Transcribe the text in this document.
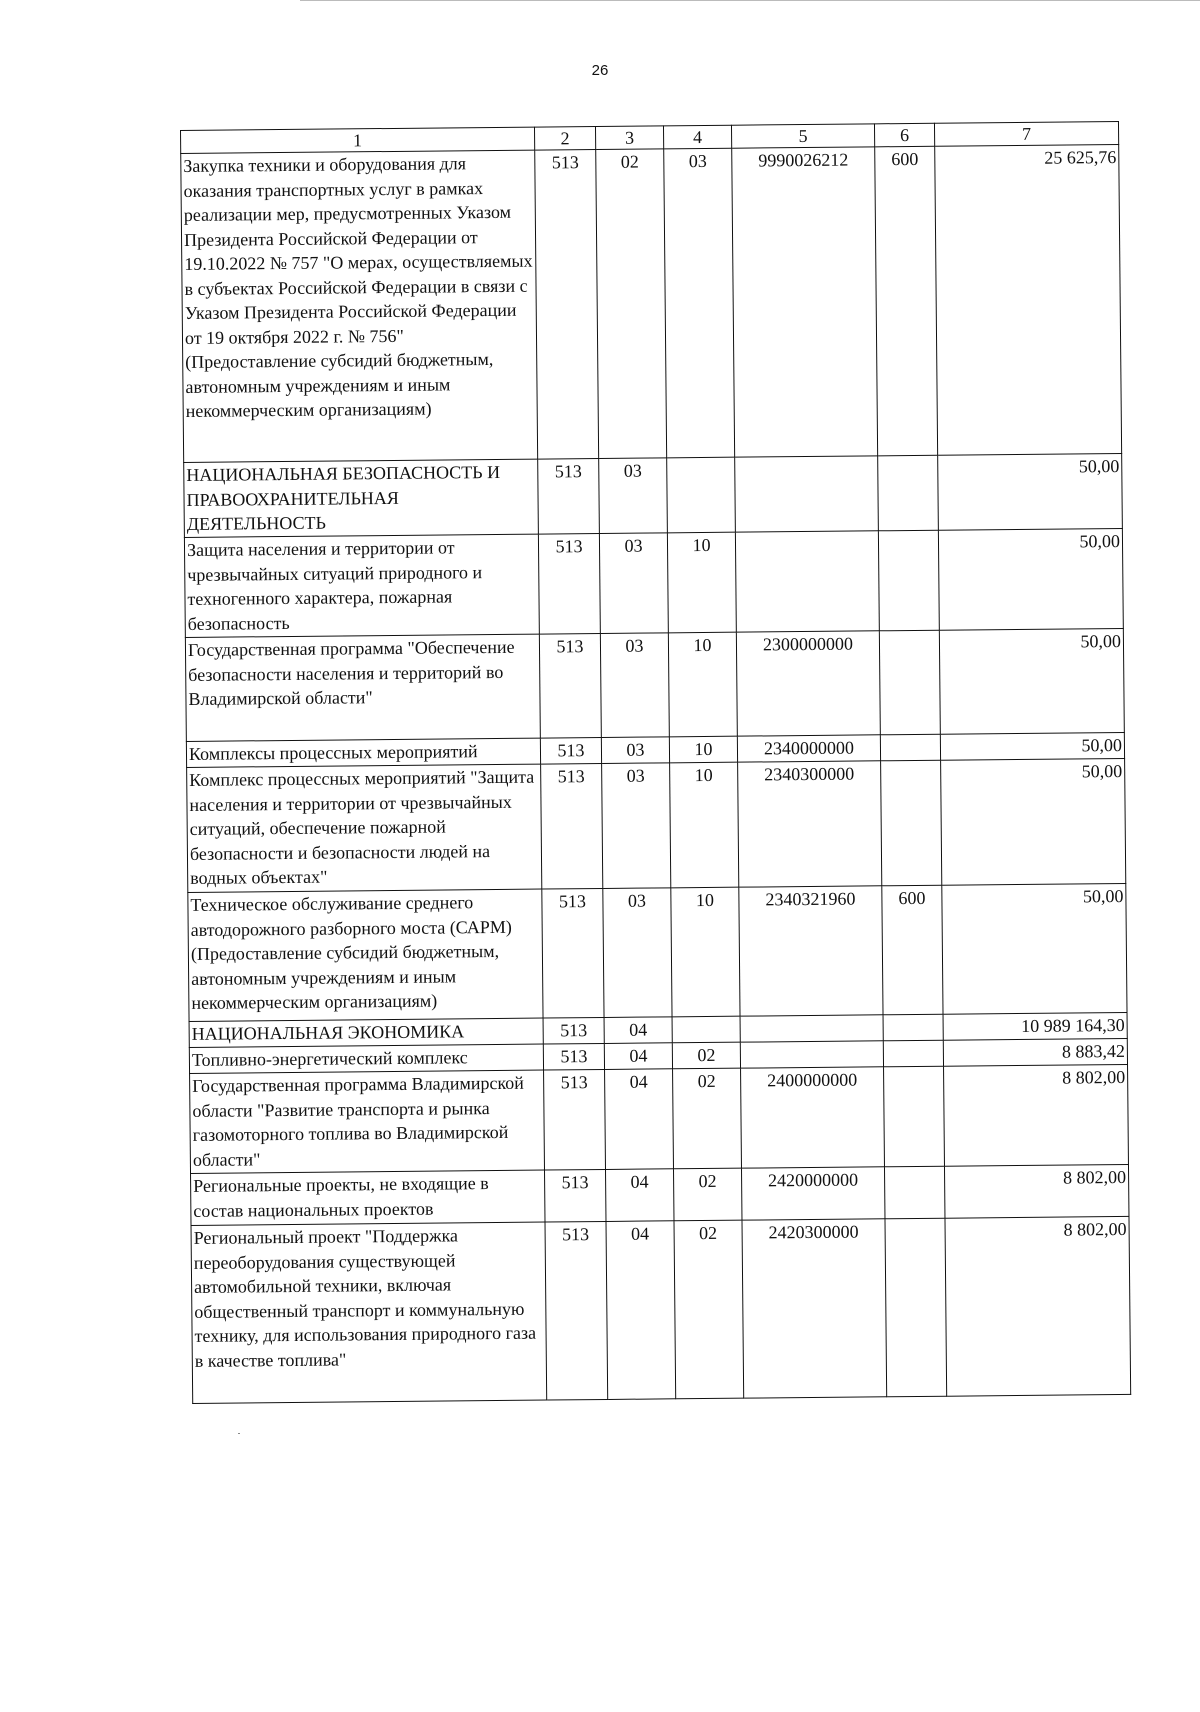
26
1	2	3	4	5	6	7
Закупка техники и оборудования для оказания транспортных услуг в рамках реализации мер, предусмотренных Указом Президента Российской Федерации от 19.10.2022 № 757 "О мерах, осуществляемых в субъектах Российской Федерации в связи с Указом Президента Российской Федерации от 19 октября 2022 г. № 756" (Предоставление субсидий бюджетным, автономным учреждениям и иным некоммерческим организациям)	513	02	03	9990026212	600	25 625,76
НАЦИОНАЛЬНАЯ БЕЗОПАСНОСТЬ И ПРАВООХРАНИТЕЛЬНАЯ ДЕЯТЕЛЬНОСТЬ	513	03				50,00
Защита населения и территории от чрезвычайных ситуаций природного и техногенного характера, пожарная безопасность	513	03	10			50,00
Государственная программа "Обеспечение безопасности населения и территорий во Владимирской области"	513	03	10	2300000000		50,00
Комплексы процессных мероприятий	513	03	10	2340000000		50,00
Комплекс процессных мероприятий "Защита населения и территории от чрезвычайных ситуаций, обеспечение пожарной безопасности и безопасности людей на водных объектах"	513	03	10	2340300000		50,00
Техническое обслуживание среднего автодорожного разборного моста (САРМ) (Предоставление субсидий бюджетным, автономным учреждениям и иным некоммерческим организациям)	513	03	10	2340321960	600	50,00
НАЦИОНАЛЬНАЯ ЭКОНОМИКА	513	04				10 989 164,30
Топливно-энергетический комплекс	513	04	02			8 883,42
Государственная программа Владимирской области "Развитие транспорта и рынка газомоторного топлива во Владимирской области"	513	04	02	2400000000		8 802,00
Региональные проекты, не входящие в состав национальных проектов	513	04	02	2420000000		8 802,00
Региональный проект "Поддержка переоборудования существующей автомобильной техники, включая общественный транспорт и коммунальную технику, для использования природного газа в качестве топлива"	513	04	02	2420300000		8 802,00
